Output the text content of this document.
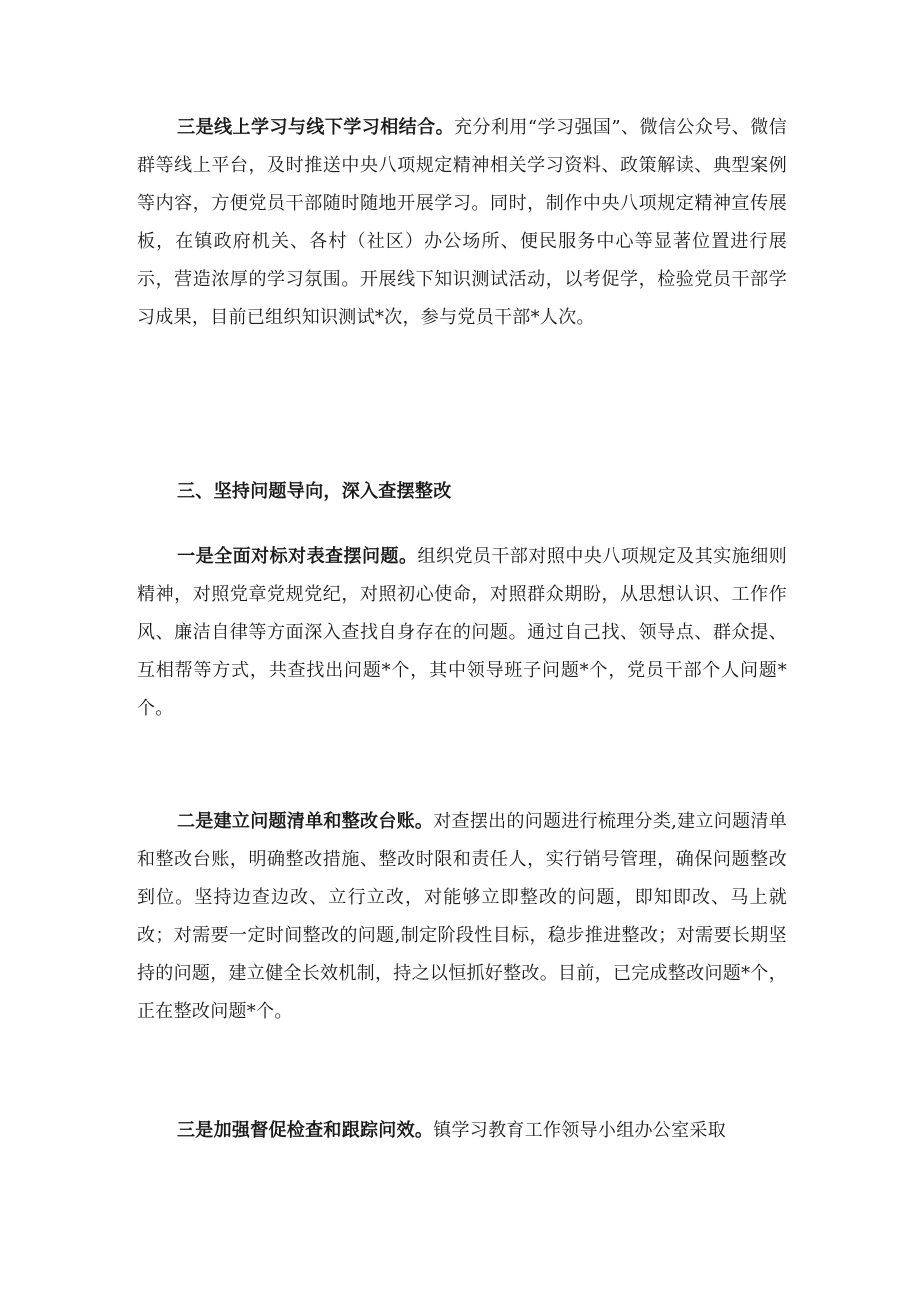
三是线上学习与线下学习相结合。充分利用“学习强国”、微信公众号、微信群等线上平台，及时推送中央八项规定精神相关学习资料、政策解读、典型案例等内容，方便党员干部随时随地开展学习。同时，制作中央八项规定精神宣传展板，在镇政府机关、各村（社区）办公场所、便民服务中心等显著位置进行展示，营造浓厚的学习氛围。开展线下知识测试活动，以考促学，检验党员干部学习成果，目前已组织知识测试*次，参与党员干部*人次。

三、坚持问题导向，深入查摆整改

一是全面对标对表查摆问题。组织党员干部对照中央八项规定及其实施细则精神，对照党章党规党纪，对照初心使命，对照群众期盼，从思想认识、工作作风、廉洁自律等方面深入查找自身存在的问题。通过自己找、领导点、群众提、互相帮等方式，共查找出问题*个，其中领导班子问题*个，党员干部个人问题*个。

二是建立问题清单和整改台账。对查摆出的问题进行梳理分类,建立问题清单和整改台账，明确整改措施、整改时限和责任人，实行销号管理，确保问题整改到位。坚持边查边改、立行立改，对能够立即整改的问题，即知即改、马上就改；对需要一定时间整改的问题,制定阶段性目标，稳步推进整改；对需要长期坚持的问题，建立健全长效机制，持之以恒抓好整改。目前，已完成整改问题*个，正在整改问题*个。

三是加强督促检查和跟踪问效。镇学习教育工作领导小组办公室采取
